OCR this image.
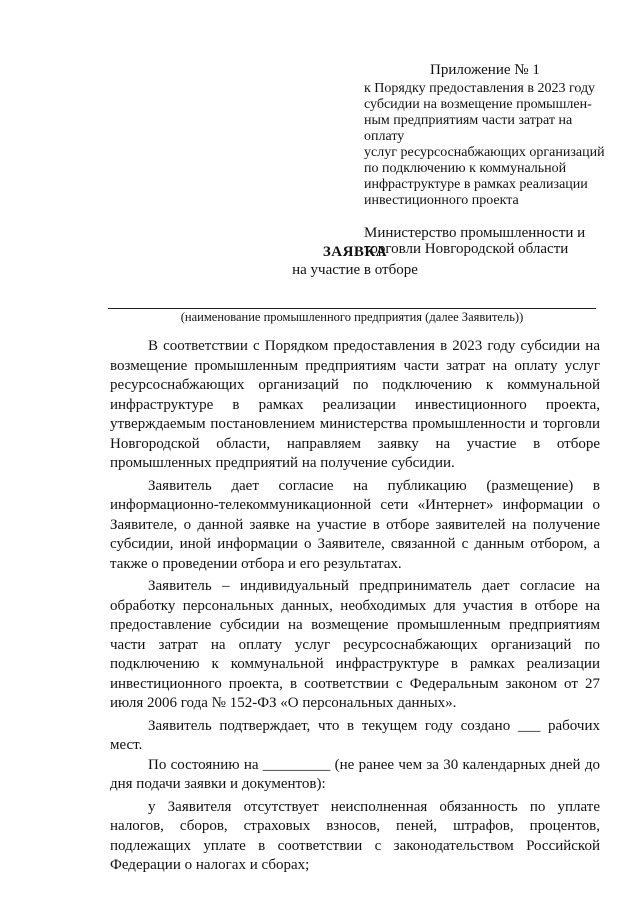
Приложение № 1
к Порядку предоставления в 2023 году
субсидии на возмещение промышлен-
ным предприятиям части затрат на оплату
услуг ресурсоснабжающих организаций
по подключению к коммунальной
инфраструктуре в рамках реализации
инвестиционного проекта
Министерство промышленности и
торговли Новгородской области
ЗАЯВКА
на участие в отборе
(наименование промышленного предприятия (далее Заявитель))

В соответствии с Порядком предоставления в 2023 году субсидии на возмещение промышленным предприятиям части затрат на оплату услуг ресурсоснабжающих организаций по подключению к коммунальной инфраструктуре в рамках реализации инвестиционного проекта, утверждаемым постановлением министерства промышленности и торговли Новгородской области, направляем заявку на участие в отборе промышленных предприятий на получение субсидии.

Заявитель дает согласие на публикацию (размещение) в информационно-телекоммуникационной сети «Интернет» информации о Заявителе, о данной заявке на участие в отборе заявителей на получение субсидии, иной информации о Заявителе, связанной с данным отбором, а также о проведении отбора и его результатах.

Заявитель – индивидуальный предприниматель дает согласие на обработку персональных данных, необходимых для участия в отборе на предоставление субсидии на возмещение промышленным предприятиям части затрат на оплату услуг ресурсоснабжающих организаций по подключению к коммунальной инфраструктуре в рамках реализации инвестиционного проекта, в соответствии с Федеральным законом от 27 июля 2006 года № 152-ФЗ «О персональных данных».

Заявитель подтверждает, что в текущем году создано ___ рабочих мест.

По состоянию на _________ (не ранее чем за 30 календарных дней до дня подачи заявки и документов):

у Заявителя отсутствует неисполненная обязанность по уплате налогов, сборов, страховых взносов, пеней, штрафов, процентов, подлежащих уплате в соответствии с законодательством Российской Федерации о налогах и сборах;
